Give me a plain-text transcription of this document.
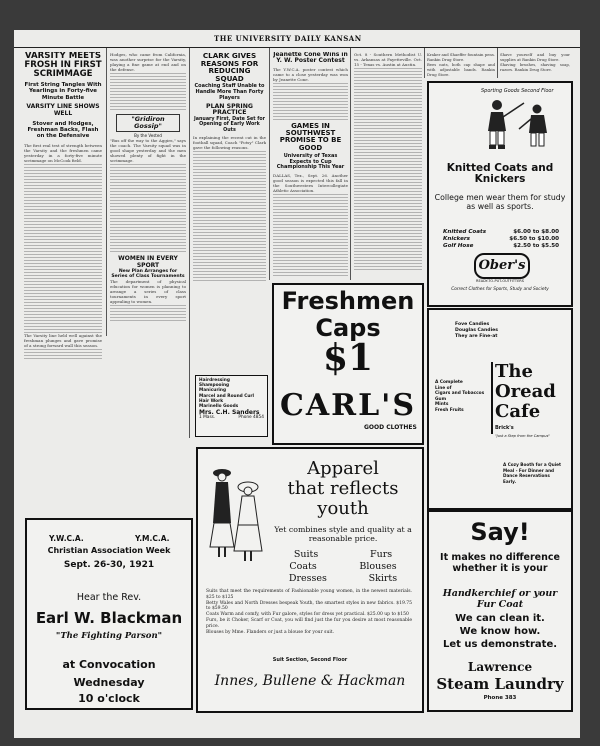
THE UNIVERSITY DAILY KANSAN
VARSITY MEETS FROSH IN FIRST SCRIMMAGE
First String Tangles With Yearlings in Forty-five Minute Battle
VARSITY LINE SHOWS WELL
Stover and Hodges, Freshman Backs, Flash on the Defensive
The first real test of strength between the Varsity and the freshmen came yesterday in a forty-five minute scrimmage on McCook field.
The Varsity line held well against the freshman plunges and gave promise of a strong forward wall this season.
Hodges, who came from California, was another surprise for the Varsity, playing a fine game at end and on the defense.
"Gridiron Gossip"
By the Vested
"Bus off the way to the Aggies," says the coach. The Varsity squad was in good shape yesterday and the men showed plenty of fight in the scrimmage.
WOMEN IN EVERY SPORT
New Plan Arranges for Series of Class Tournaments
The department of physical education for women is planning to arrange a series of class tournaments in every sport appealing to women.
CLARK GIVES REASONS FOR REDUCING SQUAD
Coaching Staff Unable to Handle More Than Forty Players
PLAN SPRING PRACTICE
January First, Date Set for Opening of Early Work Outs
In explaining the recent cut in the football squad, Coach "Potsy" Clark gave the following reasons.
Hairdressing
Shampooing
Manicuring
Marcel and Round Curl
Hair Work
Marinello Goods
Mrs. C.H. Sanders
1 Mass.	Phone 4854
Jeanette Cone Wins in Y. W. Poster Contest
The Y.W.C.A. poster contest which came to a close yesterday was won by Jeanette Cone.
GAMES IN SOUTHWEST PROMISE TO BE GOOD
University of Texas Expects to Cup Championship This Year
DALLAS, Tex., Sept. 26. Another good season is expected this fall in the Southwestern Intercollegiate Athletic Association.
Oct. 8 - Southern Methodist U. vs. Arkansas at Fayetteville. Oct. 15 - Texas vs. Austin at Austin.
Kraker and Shaeffer fountain pens. Rankin Drug Store.
Bees nuts, both cap shape and with adjustable bands. Rankin Drug Store.
Shave yourself and buy your supplies at Rankin Drug Store.
Shaving brushes, shaving soap, razors. Rankin Drug Store.
Sporting Goods Second Floor
Knitted Coats and Knickers
College men wear them for study as well as sports.
Knitted Coats	$6.00 to $8.00
Knickers	$6.50 to $10.00
Golf Hose	$2.50 to $5.50
Ober's
READY-TO-PUT-OUTFITTERS
Correct Clothes for Sports, Study and Society
Freshmen
Caps
$1
CARL'S
GOOD CLOTHES
Fove Candies
Douglas Candies
They are Fine-at
A Complete
Line of
Cigars and Tobaccos
Gum
Mints
Fresh Fruits
The
Oread
Cafe
Brick's
"Just a Step from the Campus"
A Cozy Booth for a Quiet Meal - For Dinner and Dance Reservations Early.
Y.W.C.A.	Y.M.C.A.
Christian Association Week
Sept. 26-30, 1921
Hear the Rev.
Earl W. Blackman
"The Fighting Parson"
at Convocation
Wednesday
10 o'clock
Apparel
that reflects
youth
Yet combines style and quality at a reasonable price.
Suits	Furs
Coats	Blouses
Dresses	Skirts
Suits that meet the requirements of Fashionable young women, in the newest materials. $25 to $125
Betty Wales and North Dresses bespeak Youth, the smartest styles in new fabrics. $19.75 to $59.50
Coats Warm and comfy, with Fur galore, styles for dress yet practical. $25.00 up to $150
Furs, be it Choker, Scarf or Coat, you will find just the fur you desire at most reasonable price.
Blouses by Mme. Flanders or just a blouse for your suit.
Suit Section, Second Floor
Innes, Bullene & Hackman
Say!
It makes no difference whether it is your
Handkerchief or your Fur Coat
We can clean it.
We know how.
Let us demonstrate.
Lawrence
Steam Laundry
Phone 383
